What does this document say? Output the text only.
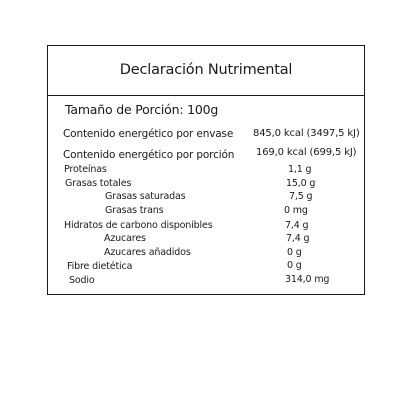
Declaración Nutrimental
Tamaño de Porción: 100g
Contenido energético por envase 845,0 kcal (3497,5 kJ)
Contenido energético por porción 169,0 kcal (699,5 kJ)
Proteínas	1,1 g
Grasas totales	15,0 g
Grasas saturadas	7,5 g
Grasas trans	0 mg
Hidratos de carbono disponibles	7,4 g
Azucares	7,4 g
Azucares añadidos	0 g
Fibre dietética	0 g
Sodio	314,0 mg
